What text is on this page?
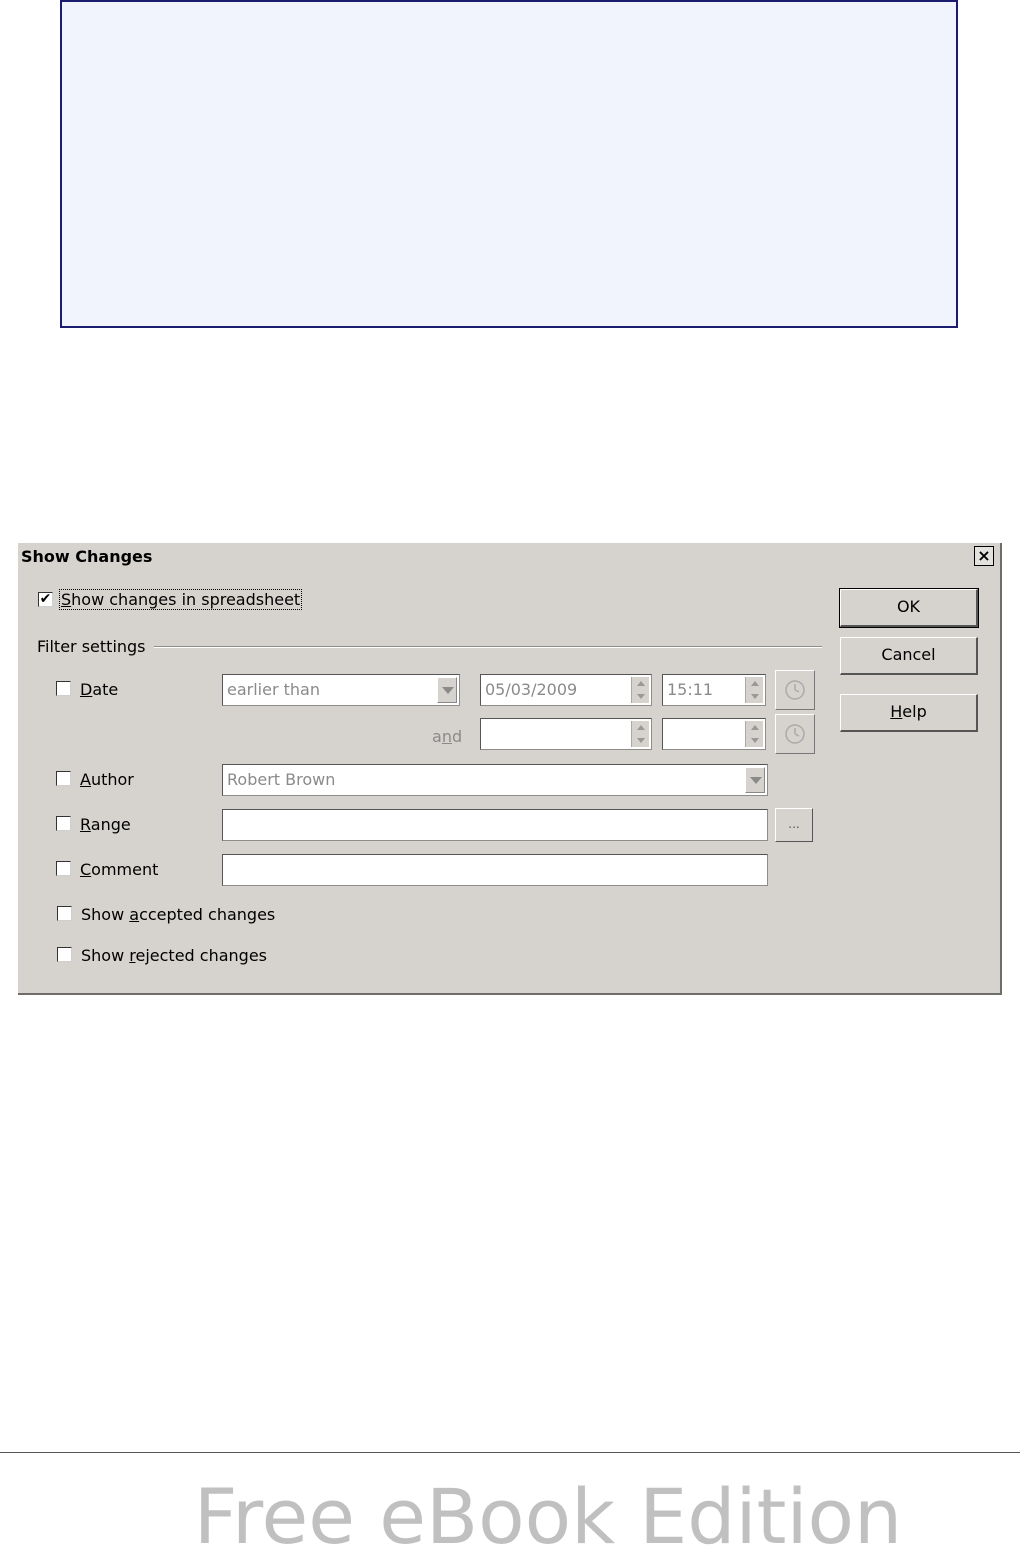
Show Changes	×
✔ Show changes in spreadsheet
Filter settings
Date	earlier than	05/03/2009	15:11
and
Author	Robert Brown
Range	...
Comment
Show accepted changes
Show rejected changes
OK
Cancel
Help
Free eBook Edition
